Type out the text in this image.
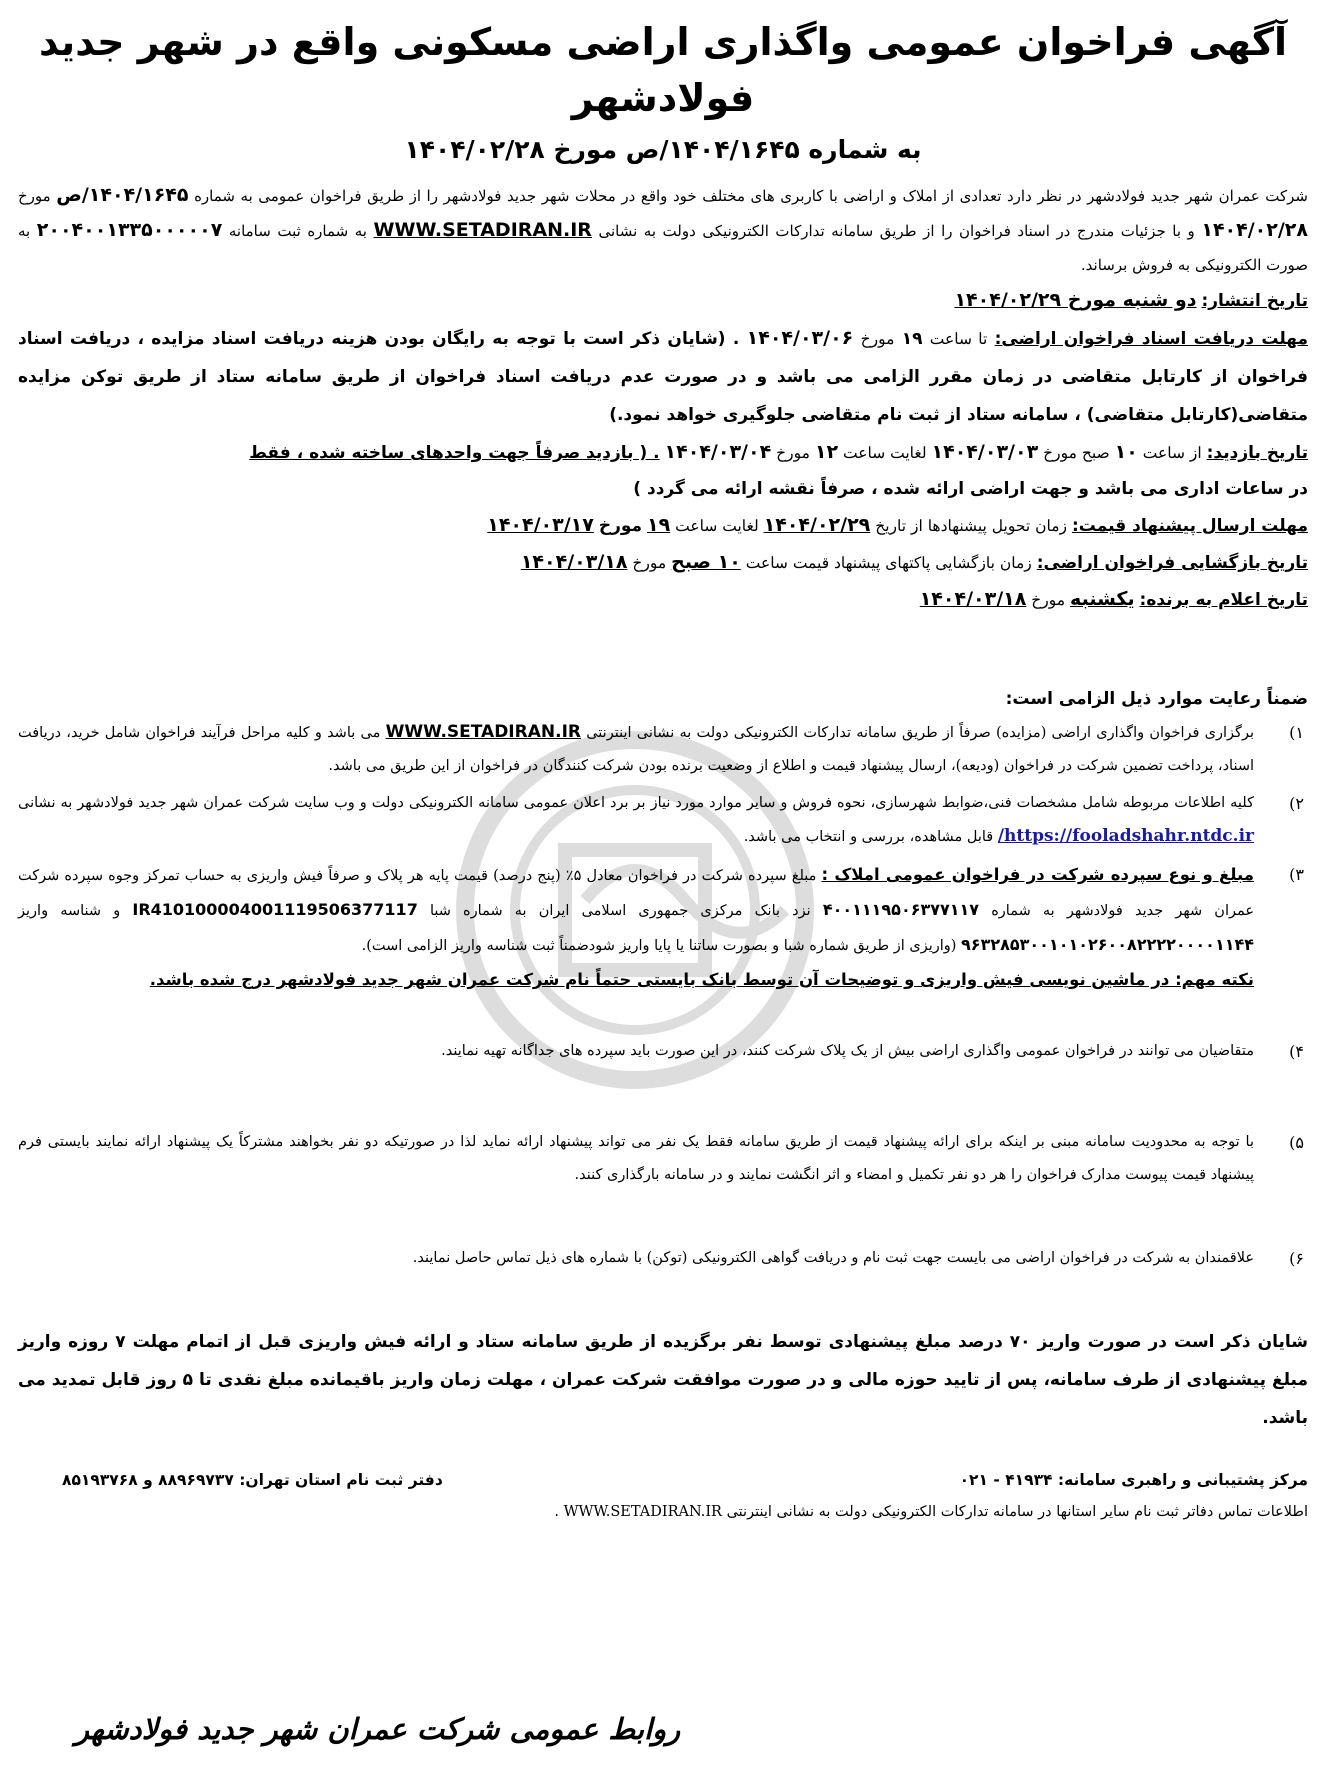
آگهی فراخوان عمومی واگذاری اراضی مسکونی واقع در شهر جدید فولادشهر
به شماره ۱۴۰۴/۱۶۴۵/ص مورخ ۱۴۰۴/۰۲/۲۸
شرکت عمران شهر جدید فولادشهر در نظر دارد تعدادی از املاک و اراضی با کاربری های مختلف خود واقع در محلات شهر جدید فولادشهر را از طریق فراخوان عمومی به شماره ۱۴۰۴/۱۶۴۵/ص مورخ ۱۴۰۴/۰۲/۲۸ و با جزئیات مندرج در اسناد فراخوان را از طریق سامانه تدارکات الکترونیکی دولت به نشانی WWW.SETADIRAN.IR به شماره ثبت سامانه ۲۰۰۴۰۰۱۳۳۵۰۰۰۰۰۷ به صورت الکترونیکی به فروش برساند.
تاریخ انتشار: دو شنبه مورخ ۱۴۰۴/۰۲/۲۹
مهلت دریافت اسناد فراخوان اراضی: تا ساعت ۱۹ مورخ ۱۴۰۴/۰۳/۰۶ . (شایان ذکر است با توجه به رایگان بودن هزینه دریافت اسناد مزایده ، دریافت اسناد فراخوان از کارتابل متقاضی در زمان مقرر الزامی می باشد و در صورت عدم دریافت اسناد فراخوان از طریق سامانه ستاد از طریق توکن مزایده متقاضی(کارتابل متقاضی) ، سامانه ستاد از ثبت نام متقاضی جلوگیری خواهد نمود.)
تاریخ بازدید: از ساعت ۱۰ صبح مورخ ۱۴۰۴/۰۳/۰۳ لغایت ساعت ۱۲ مورخ ۱۴۰۴/۰۳/۰۴ . ( بازدید صرفاً جهت واحدهای ساخته شده ، فقط
در ساعات اداری می باشد و جهت اراضی ارائه شده ، صرفاً نقشه ارائه می گردد )
مهلت ارسال پیشنهاد قیمت: زمان تحویل پیشنهادها از تاریخ ۱۴۰۴/۰۲/۲۹ لغایت ساعت ۱۹ مورخ ۱۴۰۴/۰۳/۱۷
تاریخ بازگشایی فراخوان اراضی: زمان بازگشایی پاکتهای پیشنهاد قیمت ساعت ۱۰ صبح مورخ ۱۴۰۴/۰۳/۱۸
تاریخ اعلام به برنده: یکشنبه مورخ ۱۴۰۴/۰۳/۱۸
ضمناً رعایت موارد ذیل الزامی است:
۱)
برگزاری فراخوان واگذاری اراضی (مزایده) صرفاً از طریق سامانه تدارکات الکترونیکی دولت به نشانی اینترنتی WWW.SETADIRAN.IR می باشد و کلیه مراحل فرآیند فراخوان شامل خرید، دریافت اسناد، پرداخت تضمین شرکت در فراخوان (ودیعه)، ارسال پیشنهاد قیمت و اطلاع از وضعیت برنده بودن شرکت کنندگان در فراخوان از این طریق می باشد.
۲)
کلیه اطلاعات مربوطه شامل مشخصات فنی،ضوابط شهرسازی، نحوه فروش و سایر موارد مورد نیاز بر برد اعلان عمومی سامانه الکترونیکی دولت و وب سایت شرکت عمران شهر جدید فولادشهر به نشانی /https://fooladshahr.ntdc.ir قابل مشاهده، بررسی و انتخاب می باشد.
۳)
مبلغ و نوع سپرده شرکت در فراخوان عمومی املاک : مبلغ سپرده شرکت در فراخوان معادل ۵٪ (پنج درصد) قیمت پایه هر پلاک و صرفاً فیش واریزی به حساب تمرکز وجوه سپرده شرکت عمران شهر جدید فولادشهر به شماره ۴۰۰۱۱۱۹۵۰۶۳۷۷۱۱۷ نزد بانک مرکزی جمهوری اسلامی ایران به شماره شبا IR410100004001119506377117 و شناسه واریز ۹۶۳۲۸۵۳۰۰۱۰۱۰۲۶۰۰۸۲۲۲۲۰۰۰۰۱۱۴۴ (واریزی از طریق شماره شبا و بصورت ساتنا یا پایا واریز شودضمناً ثبت شناسه واریز الزامی است).
نکته مهم: در ماشین نویسی فیش واریزی و توضیحات آن توسط بانک بایستی حتماً نام شرکت عمران شهر جدید فولادشهر درج شده باشد.
۴)
متقاضیان می توانند در فراخوان عمومی واگذاری اراضی بیش از یک پلاک شرکت کنند، در این صورت باید سپرده های جداگانه تهیه نمایند.
۵)
با توجه به محدودیت سامانه مبنی بر اینکه برای ارائه پیشنهاد قیمت از طریق سامانه فقط یک نفر می تواند پیشنهاد ارائه نماید لذا در صورتیکه دو نفر بخواهند مشترکاً یک پیشنهاد ارائه نمایند بایستی فرم پیشنهاد قیمت پیوست مدارک فراخوان را هر دو نفر تکمیل و امضاء و اثر انگشت نمایند و در سامانه بارگذاری کنند.
۶)
علاقمندان به شرکت در فراخوان اراضی می بایست جهت ثبت نام و دریافت گواهی الکترونیکی (توکن) با شماره های ذیل تماس حاصل نمایند.
شایان ذکر است در صورت واریز ۷۰ درصد مبلغ پیشنهادی توسط نفر برگزیده از طریق سامانه ستاد و ارائه فیش واریزی قبل از اتمام مهلت ۷ روزه واریز مبلغ پیشنهادی از طرف سامانه، پس از تایید حوزه مالی و در صورت موافقت شرکت عمران ، مهلت زمان واریز باقیمانده مبلغ نقدی تا ۵ روز قابل تمدید می باشد.
مرکز پشتیبانی و راهبری سامانه: ۴۱۹۳۴ - ۰۲۱
دفتر ثبت نام استان تهران: ۸۸۹۶۹۷۳۷ و ۸۵۱۹۳۷۶۸
اطلاعات تماس دفاتر ثبت نام سایر استانها در سامانه تدارکات الکترونیکی دولت به نشانی اینترنتی WWW.SETADIRAN.IR .
روابط عمومی شرکت عمران شهر جدید فولادشهر
